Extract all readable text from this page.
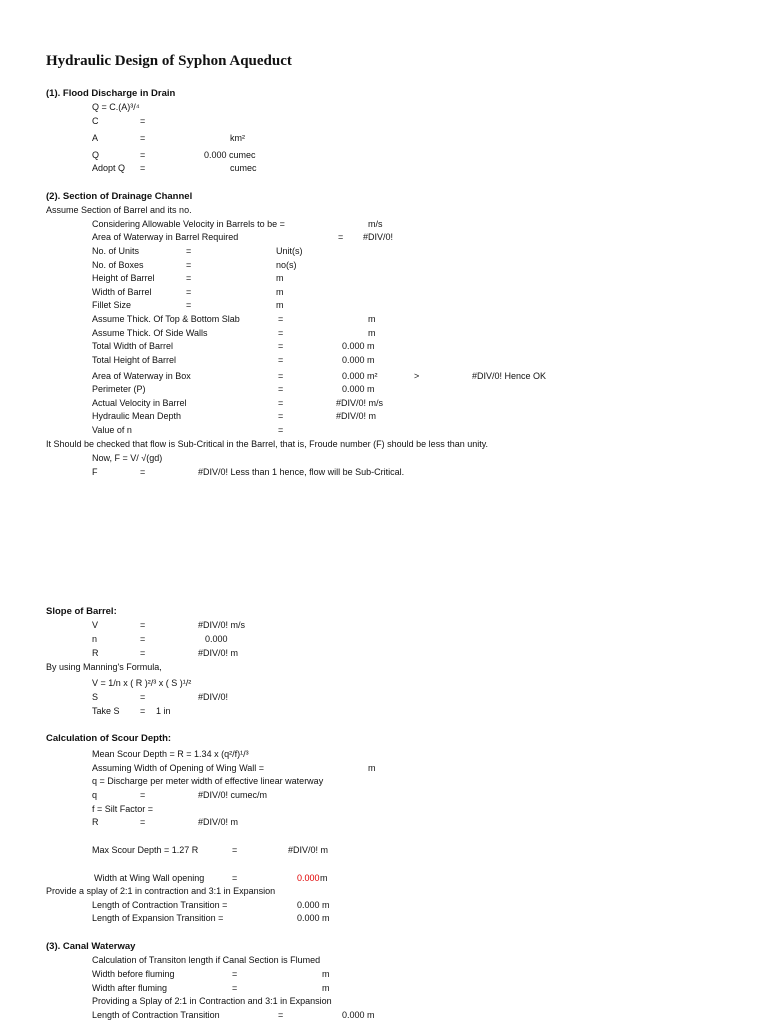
Hydraulic Design of Syphon Aqueduct
(1). Flood Discharge in Drain
Q = C.(A)³/⁴
C	=
A	=	km²
Q	=	0.000 cumec
Adopt Q =	cumec
(2). Section of Drainage Channel
Assume Section of Barrel and its no.
Considering Allowable Velocity in Barrels to be =	m/s
Area of Waterway in Barrel Required	= #DIV/0!
No. of Units	=	Unit(s)
No. of Boxes	=	no(s)
Height of Barrel	=	m
Width of Barrel	=	m
Fillet Size	=	m
Assume Thick. Of Top & Bottom Slab	=	m
Assume Thick. Of Side Walls	=	m
Total Width of Barrel	=	0.000 m
Total Height of Barrel	=	0.000 m
Area of Waterway in Box	=	0.000 m²	>	#DIV/0! Hence OK
Perimeter (P)	=	0.000 m
Actual Velocity in Barrel	=	#DIV/0! m/s
Hydraulic Mean Depth	=	#DIV/0! m
Value of n	=
It Should be checked that flow is Sub-Critical in the Barrel, that is, Froude number (F) should be less than unity.
Now, F = V/ √(gd)
F	=	#DIV/0! Less than 1 hence, flow will be Sub-Critical.
Slope of Barrel:
V	=	#DIV/0! m/s
n	=	0.000
R	=	#DIV/0! m
By using Manning's Formula,
V = 1/n x ( R )²/³ x ( S )¹/²
S	=	#DIV/0!
Take S = 1 in
Calculation of Scour Depth:
Mean Scour Depth = R = 1.34 x (q²/f)¹/³
Assuming Width of Opening of Wing Wall =	m
q = Discharge per meter width of effective linear waterway
q	=	#DIV/0! cumec/m
f = Silt Factor =
R	=	#DIV/0! m
Max Scour Depth = 1.27 R	=	#DIV/0! m
Width at Wing Wall opening	=	0.000 m
Provide a splay of 2:1 in contraction and 3:1 in Expansion
Length of Contraction Transition =	0.000 m
Length of Expansion Transition =	0.000 m
(3). Canal Waterway
Calculation of Transiton length if Canal Section is Flumed
Width before fluming	=	m
Width after fluming	=	m
Providing a Splay of 2:1 in Contraction and 3:1 in Expansion
Length of Contraction Transition	=	0.000 m
